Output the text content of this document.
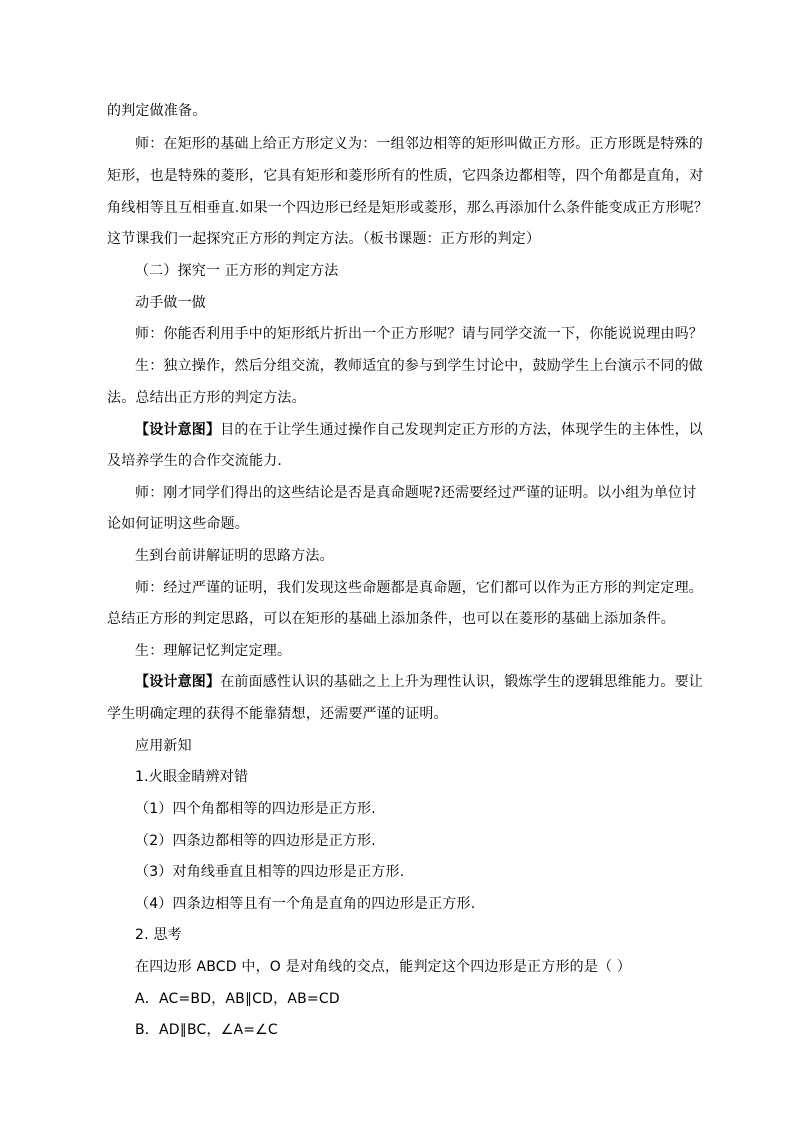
的判定做准备。
师：在矩形的基础上给正方形定义为：一组邻边相等的矩形叫做正方形。正方形既是特殊的
矩形，也是特殊的菱形，它具有矩形和菱形所有的性质，它四条边都相等，四个角都是直角，对
角线相等且互相垂直.如果一个四边形已经是矩形或菱形，那么再添加什么条件能变成正方形呢？
这节课我们一起探究正方形的判定方法。（板书课题：正方形的判定）
（二）探究一 正方形的判定方法
动手做一做
师：你能否利用手中的矩形纸片折出一个正方形呢？请与同学交流一下，你能说说理由吗？
生：独立操作，然后分组交流，教师适宜的参与到学生讨论中，鼓励学生上台演示不同的做
法。总结出正方形的判定方法。
【设计意图】目的在于让学生通过操作自己发现判定正方形的方法，体现学生的主体性，以
及培养学生的合作交流能力.
师：刚才同学们得出的这些结论是否是真命题呢?还需要经过严谨的证明。以小组为单位讨
论如何证明这些命题。
生到台前讲解证明的思路方法。
师：经过严谨的证明，我们发现这些命题都是真命题，它们都可以作为正方形的判定定理。
总结正方形的判定思路，可以在矩形的基础上添加条件，也可以在菱形的基础上添加条件。
生：理解记忆判定定理。
【设计意图】在前面感性认识的基础之上上升为理性认识，锻炼学生的逻辑思维能力。要让
学生明确定理的获得不能靠猜想，还需要严谨的证明。
应用新知
1.火眼金睛辨对错
（1）四个角都相等的四边形是正方形.
（2）四条边都相等的四边形是正方形.
（3）对角线垂直且相等的四边形是正方形.
（4）四条边相等且有一个角是直角的四边形是正方形.
2. 思考
在四边形 ABCD 中，O 是对角线的交点，能判定这个四边形是正方形的是（ ）
A．AC=BD，AB∥CD，AB=CD
B．AD∥BC，∠A=∠C
